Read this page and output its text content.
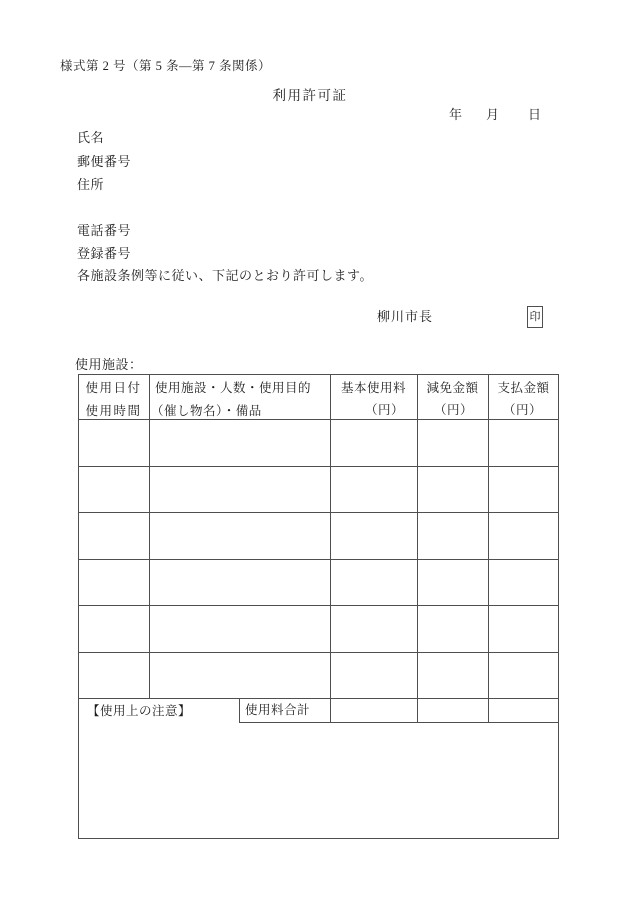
様式第 2 号（第 5 条―第 7 条関係）
利用許可証
年 月 日
氏名
郵便番号
住所
電話番号
登録番号
各施設条例等に従い、下記のとおり許可します。
柳川市長	印
使用施設：
使用日付
使用時間
使用施設・人数・使用目的
（催し物名）・備品
基本使用料
（円）
減免金額
（円）
支払金額
（円）
使用料合計
【使用上の注意】
